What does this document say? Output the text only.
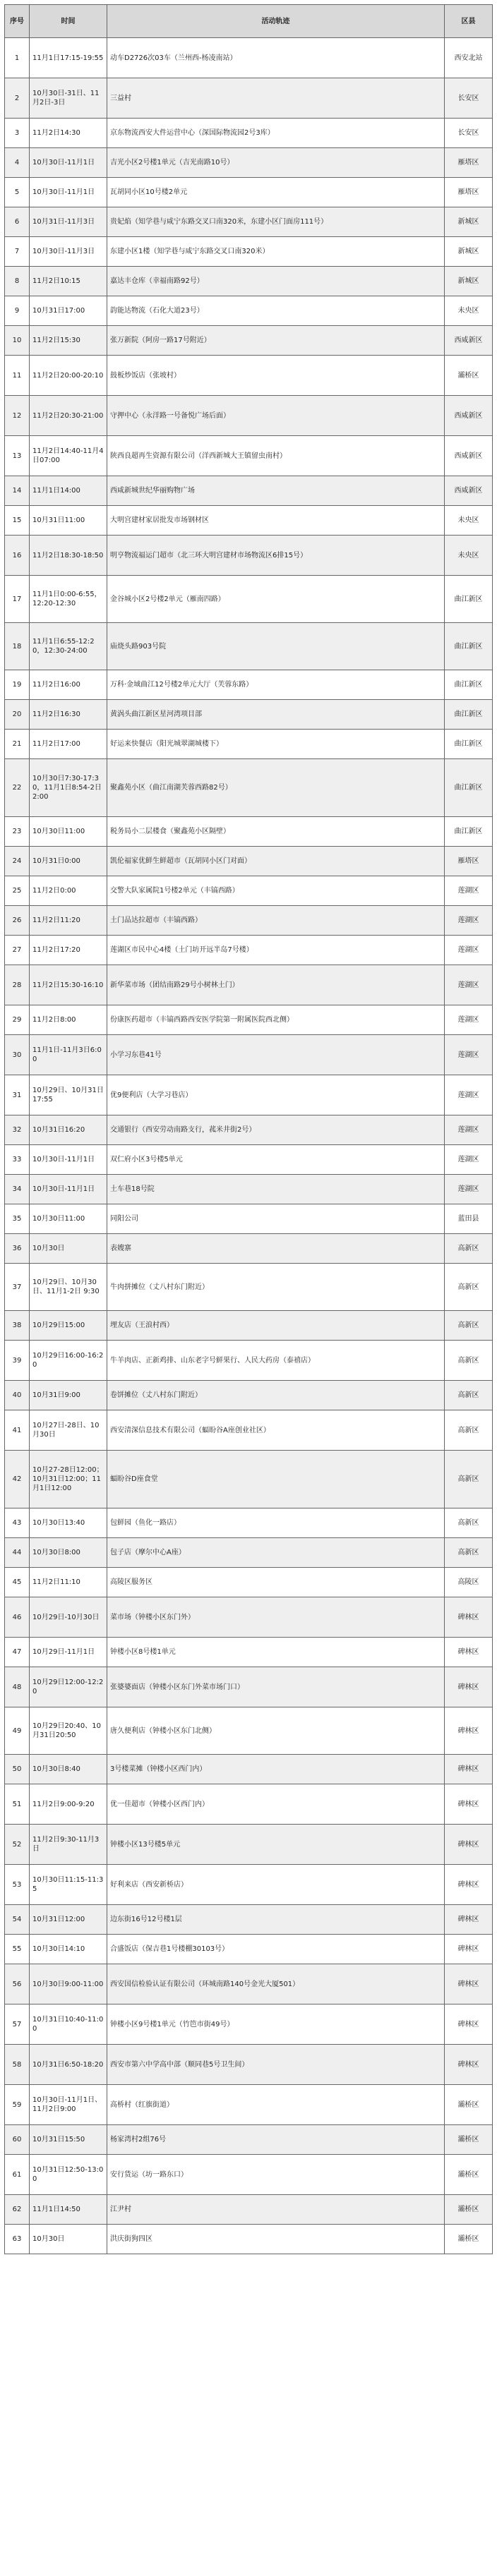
序号	时间	活动轨迹	区县
1	11月1日17:15-19:55	动车D2726次03车（兰州西-杨凌南站）	西安北站
2	10月30日-31日、11月2日-3日	三益村	长安区
3	11月2日14:30	京东物流西安大件运营中心（深国际物流园2号3库）	长安区
4	10月30日-11月1日	吉光小区2号楼1单元（吉光南路10号）	雁塔区
5	10月30日-11月1日	瓦胡同小区10号楼2单元	雁塔区
6	10月31日-11月3日	贵妃焰（知学巷与咸宁东路交叉口南320米，东建小区门面房111号）	新城区
7	10月30日-11月3日	东建小区1楼（知学巷与咸宁东路交叉口南320米）	新城区
8	11月2日10:15	嘉达丰仓库（幸福南路92号）	新城区
9	10月31日17:00	韵能达物流（石化大道23号）	未央区
10	11月2日15:30	张万新院（阿房一路17号附近）	西咸新区
11	11月2日20:00-20:10	鼓板炒饭店（张坡村）	灞桥区
12	11月2日20:30-21:00	守押中心（永洋路一号备悦广场后面）	西咸新区
13	11月2日14:40-11月4日07:00	陕西良超再生资源有限公司（洋西新城大王镇留虫南村）	西咸新区
14	11月1日14:00	西咸新城世纪华丽购物广场	西咸新区
15	10月31日11:00	大明宫建材家居批发市场钢材区	未央区
16	11月2日18:30-18:50	明亨物流福运门超市（北三环大明宫建材市场物流区6排15号）	未央区
17	11月1日0:00-6:55，12:20-12:30	金谷城小区2号楼2单元（雁南四路）	曲江新区
18	11月1日6:55-12:20，12:30-24:00	庙烧头路903号院	曲江新区
19	11月2日16:00	万科·金域曲江12号楼2单元大厅（芙蓉东路）	曲江新区
20	11月2日16:30	黄涡头曲江新区星河湾项目部	曲江新区
21	11月2日17:00	好运来快餐店（阳光城翠湖城楼下）	曲江新区
22	10月30日7:30-17:30，11月1日8:54-2日2:00	聚鑫苑小区（曲江南湖芙蓉西路82号）	曲江新区
23	10月30日11:00	税务局小二层楼食（聚鑫苑小区隔壁）	曲江新区
24	10月31日0:00	凯伦福家优鲜生鲜超市（瓦胡同小区门对面）	雁塔区
25	11月2日0:00	交警大队家属院1号楼2单元（丰镐西路）	莲湖区
26	11月2日11:20	土门品达拉超市（丰镐西路）	莲湖区
27	11月2日17:20	莲湖区市民中心4楼（土门坊开远半岛7号楼）	莲湖区
28	11月2日15:30-16:10	新华菜市场（团结南路29号小树林土门）	莲湖区
29	11月2日8:00	份康医药超市（丰镐西路西安医学院第一附属医院西北侧）	莲湖区
30	11月1日-11月3日6:00	小学习东巷41号	莲湖区
31	10月29日、10月31日17:55	优9便利店（大学习巷店）	莲湖区
32	10月31日16:20	交通银行（西安劳动南路支行，菰米井街2号）	莲湖区
33	10月30日-11月1日	双仁府小区3号楼5单元	莲湖区
34	10月30日-11月1日	土车巷18号院	莲湖区
35	10月30日11:00	同阳公司	蓝田县
36	10月30日	表嫂寨	高新区
37	10月29日、10月30日、11月1-2日 9:30	牛肉拼摊位（丈八村东门附近）	高新区
38	10月29日15:00	埋友店（王浪村西）	高新区
39	10月29日16:00-16:20	牛羊肉店、正新鸡排、山东老字号鲜果行、人民大药房（泰禧店）	高新区
40	10月31日9:00	卷饼摊位（丈八村东门附近）	高新区
41	10月27日-28日、10月30日	西安清深信息技术有限公司（蝠盼谷A座创业社区）	高新区
42	10月27-28日12:00；10月31日12:00；11月1日12:00	蝠盼谷D座食堂	高新区
43	10月30日13:40	包鲜园（鱼化一路店）	高新区
44	10月30日8:00	包子店（摩尔中心A座）	高新区
45	11月2日11:10	高陵区服务区	高陵区
46	10月29日-10月30日	菜市场（钟楼小区东门外）	碑林区
47	10月29日-11月1日	钟楼小区8号楼1单元	碑林区
48	10月29日12:00-12:20	张婆婆面店（钟楼小区东门外菜市场门口）	碑林区
49	10月29日20:40、10月31日20:50	唐久便利店（钟楼小区东门北侧）	碑林区
50	10月30日8:40	3号楼菜摊（钟楼小区西门内）	碑林区
51	11月2日9:00-9:20	优一佳超市（钟楼小区西门内）	碑林区
52	11月2日9:30-11月3日	钟楼小区13号楼5单元	碑林区
53	10月30日11:15-11:35	好利来店（西安新桥店）	碑林区
54	10月31日12:00	边东街16号12号楼1层	碑林区
55	10月30日14:10	合盛饭店（保吉巷1号楼棚30103号）	碑林区
56	10月30日9:00-11:00	西安国信检验认证有限公司（环城南路140号金光大厦501）	碑林区
57	10月31日10:40-11:00	钟楼小区9号楼1单元（竹笆市街49号）	碑林区
58	10月31日6:50-18:20	西安市第六中学高中部（顺同巷5号卫生间）	碑林区
59	10月30日-11月1日、11月2日9:00	高桥村（红旗街道）	灞桥区
60	10月31日15:50	杨家湾村2组76号	灞桥区
61	10月31日12:50-13:00	安行货运（坊一路东口）	灞桥区
62	11月1日14:50	江尹村	灞桥区
63	10月30日	洪庆街狗四区	灞桥区
